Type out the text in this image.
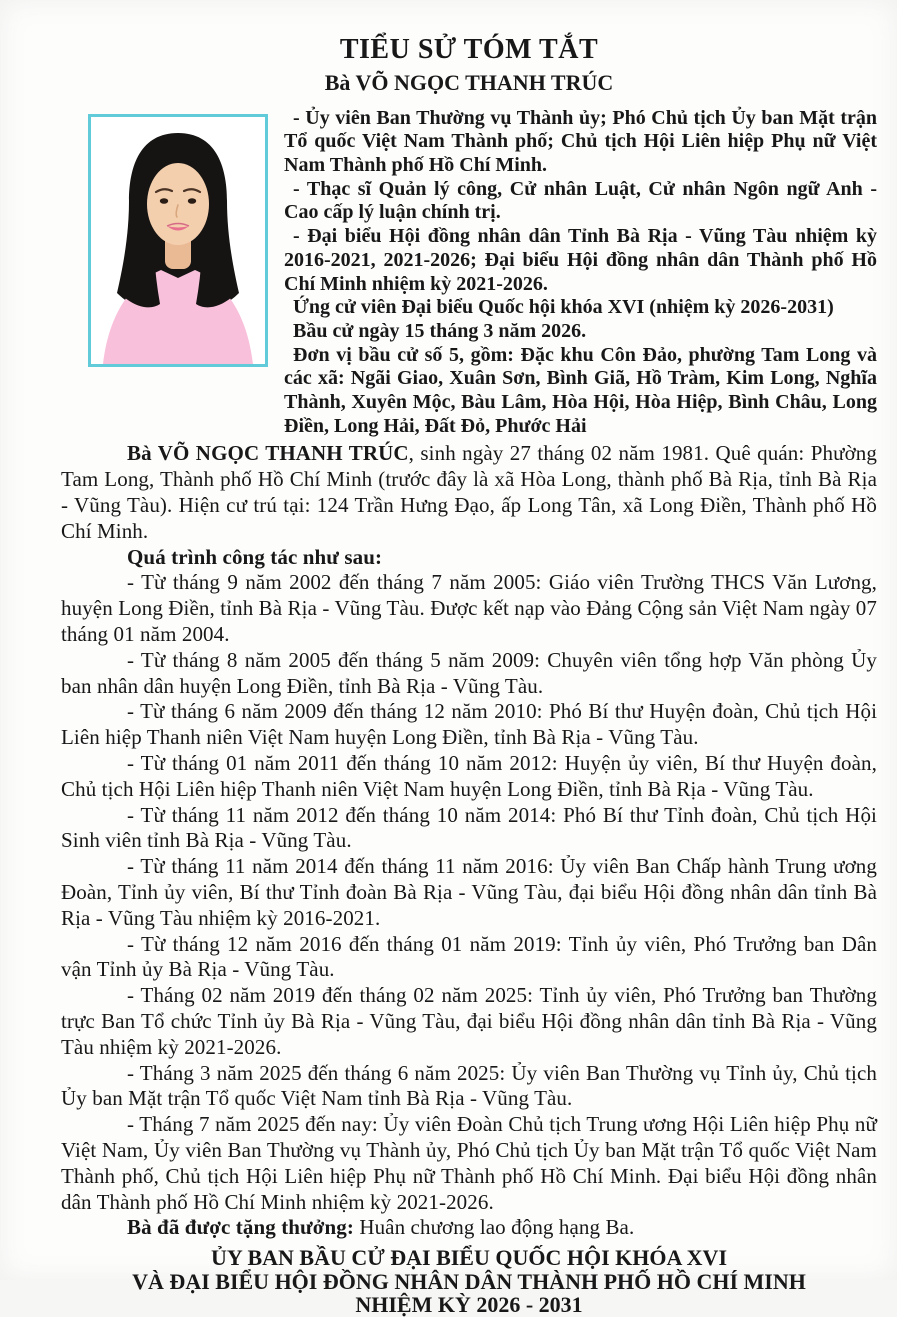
TIỂU SỬ TÓM TẮT
Bà VÕ NGỌC THANH TRÚC

- Ủy viên Ban Thường vụ Thành ủy; Phó Chủ tịch Ủy ban Mặt trận Tổ quốc Việt Nam Thành phố; Chủ tịch Hội Liên hiệp Phụ nữ Việt Nam Thành phố Hồ Chí Minh.

- Thạc sĩ Quản lý công, Cử nhân Luật, Cử nhân Ngôn ngữ Anh - Cao cấp lý luận chính trị.

- Đại biểu Hội đồng nhân dân Tỉnh Bà Rịa - Vũng Tàu nhiệm kỳ 2016-2021, 2021-2026; Đại biểu Hội đồng nhân dân Thành phố Hồ Chí Minh nhiệm kỳ 2021-2026.

Ứng cử viên Đại biểu Quốc hội khóa XVI (nhiệm kỳ 2026-2031)

Bầu cử ngày 15 tháng 3 năm 2026.

Đơn vị bầu cử số 5, gồm: Đặc khu Côn Đảo, phường Tam Long và các xã: Ngãi Giao, Xuân Sơn, Bình Giã, Hồ Tràm, Kim Long, Nghĩa Thành, Xuyên Mộc, Bàu Lâm, Hòa Hội, Hòa Hiệp, Bình Châu, Long Điền, Long Hải, Đất Đỏ, Phước Hải

Bà VÕ NGỌC THANH TRÚC, sinh ngày 27 tháng 02 năm 1981. Quê quán: Phường Tam Long, Thành phố Hồ Chí Minh (trước đây là xã Hòa Long, thành phố Bà Rịa, tỉnh Bà Rịa - Vũng Tàu). Hiện cư trú tại: 124 Trần Hưng Đạo, ấp Long Tân, xã Long Điền, Thành phố Hồ Chí Minh.

Quá trình công tác như sau:

- Từ tháng 9 năm 2002 đến tháng 7 năm 2005: Giáo viên Trường THCS Văn Lương, huyện Long Điền, tỉnh Bà Rịa - Vũng Tàu. Được kết nạp vào Đảng Cộng sản Việt Nam ngày 07 tháng 01 năm 2004.

- Từ tháng 8 năm 2005 đến tháng 5 năm 2009: Chuyên viên tổng hợp Văn phòng Ủy ban nhân dân huyện Long Điền, tỉnh Bà Rịa - Vũng Tàu.

- Từ tháng 6 năm 2009 đến tháng 12 năm 2010: Phó Bí thư Huyện đoàn, Chủ tịch Hội Liên hiệp Thanh niên Việt Nam huyện Long Điền, tỉnh Bà Rịa - Vũng Tàu.

- Từ tháng 01 năm 2011 đến tháng 10 năm 2012: Huyện ủy viên, Bí thư Huyện đoàn, Chủ tịch Hội Liên hiệp Thanh niên Việt Nam huyện Long Điền, tỉnh Bà Rịa - Vũng Tàu.

- Từ tháng 11 năm 2012 đến tháng 10 năm 2014: Phó Bí thư Tỉnh đoàn, Chủ tịch Hội Sinh viên tỉnh Bà Rịa - Vũng Tàu.

- Từ tháng 11 năm 2014 đến tháng 11 năm 2016: Ủy viên Ban Chấp hành Trung ương Đoàn, Tỉnh ủy viên, Bí thư Tỉnh đoàn Bà Rịa - Vũng Tàu, đại biểu Hội đồng nhân dân tỉnh Bà Rịa - Vũng Tàu nhiệm kỳ 2016-2021.

- Từ tháng 12 năm 2016 đến tháng 01 năm 2019: Tỉnh ủy viên, Phó Trưởng ban Dân vận Tỉnh ủy Bà Rịa - Vũng Tàu.

- Tháng 02 năm 2019 đến tháng 02 năm 2025: Tỉnh ủy viên, Phó Trưởng ban Thường trực Ban Tổ chức Tỉnh ủy Bà Rịa - Vũng Tàu, đại biểu Hội đồng nhân dân tỉnh Bà Rịa - Vũng Tàu nhiệm kỳ 2021-2026.

- Tháng 3 năm 2025 đến tháng 6 năm 2025: Ủy viên Ban Thường vụ Tỉnh ủy, Chủ tịch Ủy ban Mặt trận Tổ quốc Việt Nam tỉnh Bà Rịa - Vũng Tàu.

- Tháng 7 năm 2025 đến nay: Ủy viên Đoàn Chủ tịch Trung ương Hội Liên hiệp Phụ nữ Việt Nam, Ủy viên Ban Thường vụ Thành ủy, Phó Chủ tịch Ủy ban Mặt trận Tổ quốc Việt Nam Thành phố, Chủ tịch Hội Liên hiệp Phụ nữ Thành phố Hồ Chí Minh. Đại biểu Hội đồng nhân dân Thành phố Hồ Chí Minh nhiệm kỳ 2021-2026.

Bà đã được tặng thưởng: Huân chương lao động hạng Ba.

ỦY BAN BẦU CỬ ĐẠI BIỂU QUỐC HỘI KHÓA XVI
VÀ ĐẠI BIỂU HỘI ĐỒNG NHÂN DÂN THÀNH PHỐ HỒ CHÍ MINH
NHIỆM KỲ 2026 - 2031
